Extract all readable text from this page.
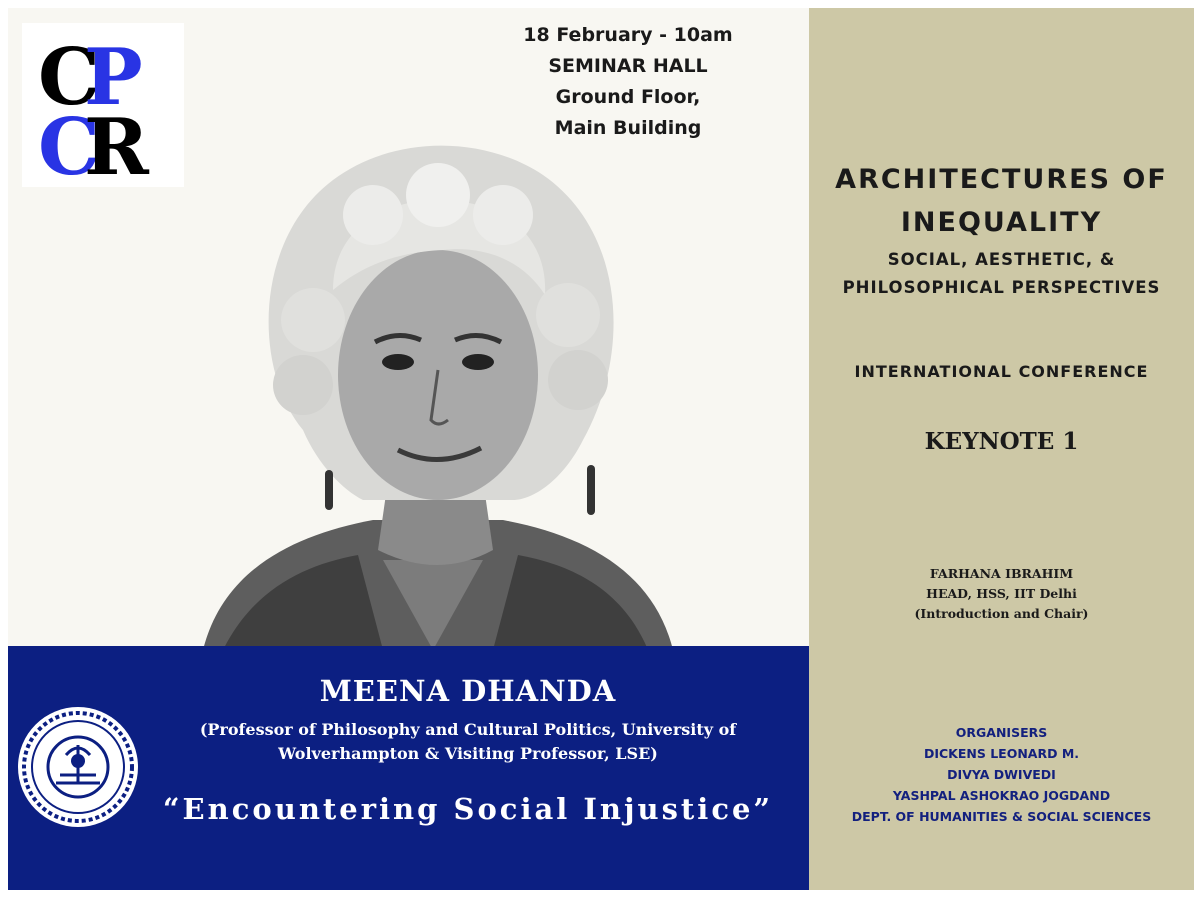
C
P
C
R
18 February - 10am
SEMINAR HALL
Ground Floor,
Main Building
MEENA DHANDA
(Professor of Philosophy and Cultural Politics, University of
Wolverhampton & Visiting Professor, LSE)
“Encountering Social Injustice”
ARCHITECTURES OF
INEQUALITY
SOCIAL, AESTHETIC, &
PHILOSOPHICAL PERSPECTIVES
INTERNATIONAL CONFERENCE
KEYNOTE 1
FARHANA IBRAHIM
HEAD, HSS, IIT Delhi
(Introduction and Chair)
ORGANISERS
DICKENS LEONARD M.
DIVYA DWIVEDI
YASHPAL ASHOKRAO JOGDAND
DEPT. OF HUMANITIES & SOCIAL SCIENCES
